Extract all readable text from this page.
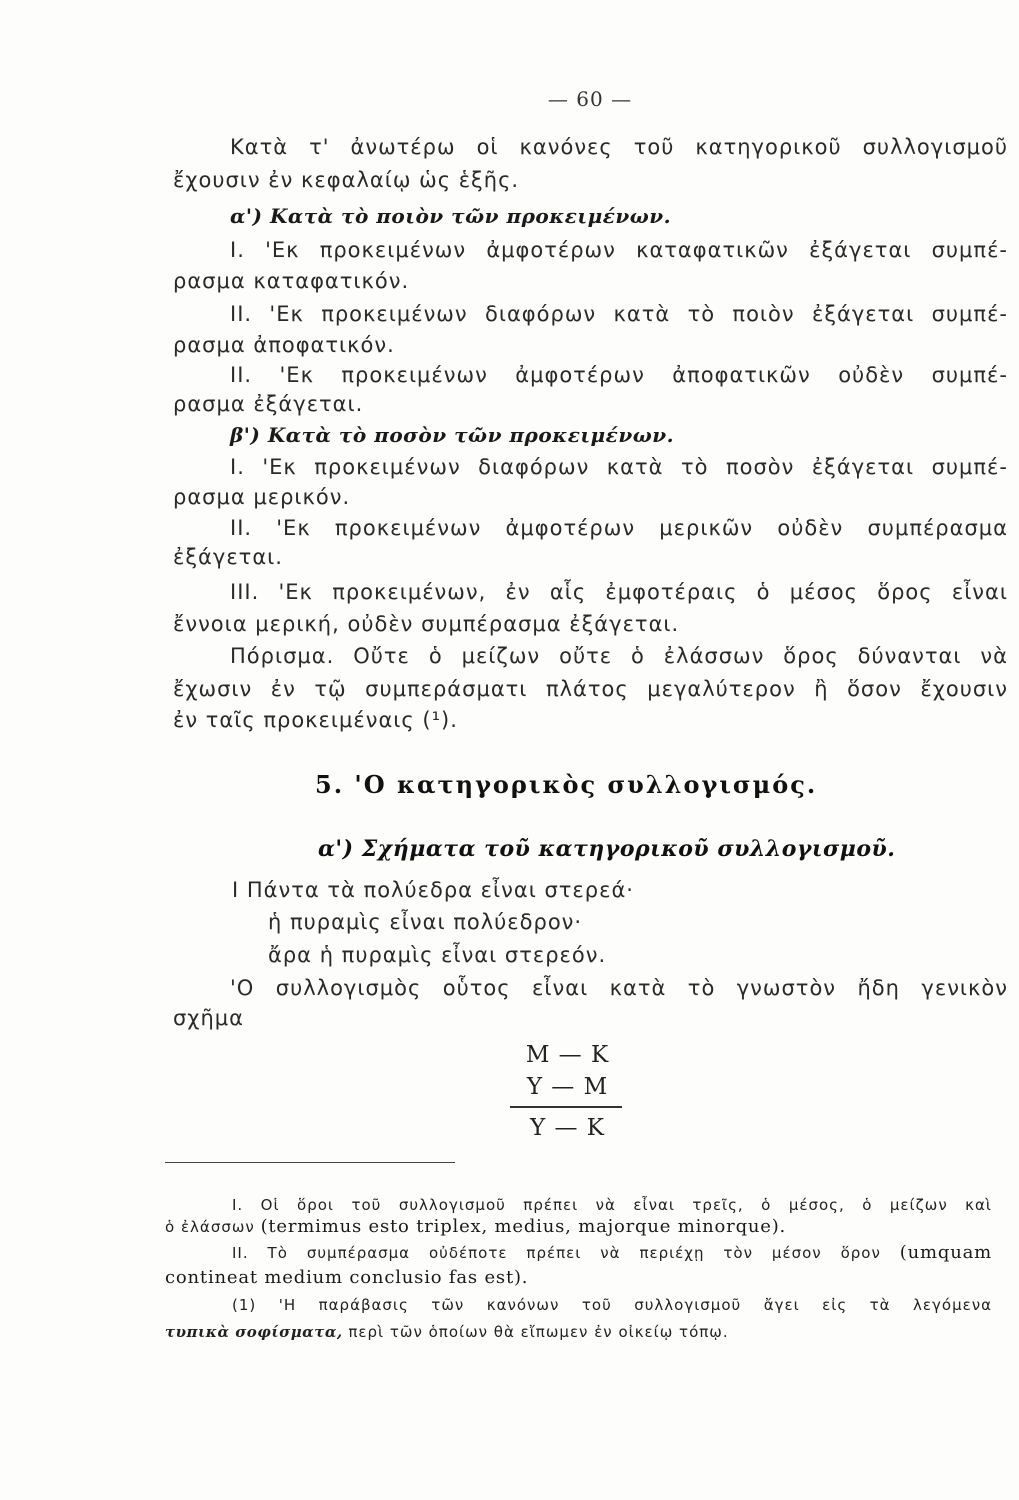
— 60 —
Κατὰ τ' ἀνωτέρω οἱ κανόνες τοῦ κατηγορικοῦ συλλογισμοῦ
ἔχουσιν ἐν κεφαλαίῳ ὡς ἑξῆς.
α') Κατὰ τὸ ποιὸν τῶν προκειμένων.
I. 'Εκ προκειμένων ἀμφοτέρων καταφατικῶν ἐξάγεται συμπέ-
ρασμα καταφατικόν.
II. 'Εκ προκειμένων διαφόρων κατὰ τὸ ποιὸν ἐξάγεται συμπέ-
ρασμα ἀποφατικόν.
II. 'Εκ προκειμένων ἀμφοτέρων ἀποφατικῶν οὐδὲν συμπέ-
ρασμα ἐξάγεται.
β') Κατὰ τὸ ποσὸν τῶν προκειμένων.
I. 'Εκ προκειμένων διαφόρων κατὰ τὸ ποσὸν ἐξάγεται συμπέ-
ρασμα μερικόν.
II. 'Εκ προκειμένων ἀμφοτέρων μερικῶν οὐδὲν συμπέρασμα
ἐξάγεται.
III. 'Εκ προκειμένων, ἐν αἷς ἐμφοτέραις ὁ μέσος ὅρος εἶναι
ἔννοια μερική, οὐδὲν συμπέρασμα ἐξάγεται.
Πόρισμα. Οὔτε ὁ μείζων οὔτε ὁ ἐλάσσων ὅρος δύνανται νὰ
ἔχωσιν ἐν τῷ συμπεράσματι πλάτος μεγαλύτερον ἢ ὅσον ἔχουσιν
ἐν ταῖς προκειμέναις (¹).
5. 'Ο κατηγορικὸς συλλογισμός.
α') Σχήματα τοῦ κατηγορικοῦ συλλογισμοῦ.
I Πάντα τὰ πολύεδρα εἶναι στερεά·
ἡ πυραμὶς εἶναι πολύεδρον·
ἄρα ἡ πυραμὶς εἶναι στερεόν.
'Ο συλλογισμὸς οὗτος εἶναι κατὰ τὸ γνωστὸν ἤδη γενικὸν
σχῆμα
Μ — Κ
Υ — Μ
Υ — Κ
I. Οἱ ὅροι τοῦ συλλογισμοῦ πρέπει νὰ εἶναι τρεῖς, ὁ μέσος, ὁ μείζων καὶ
ὁ ἐλάσσων (termimus esto triplex, medius, majorque minorque).
II. Τὸ συμπέρασμα οὐδέποτε πρέπει νὰ περιέχῃ τὸν μέσον ὅρον (umquam
contineat medium conclusio fas est).
(1) 'Η παράβασις τῶν κανόνων τοῦ συλλογισμοῦ ἄγει εἰς τὰ λεγόμενα
τυπικὰ σοφίσματα, περὶ τῶν ὁποίων θὰ εἴπωμεν ἐν οἰκείῳ τόπῳ.
